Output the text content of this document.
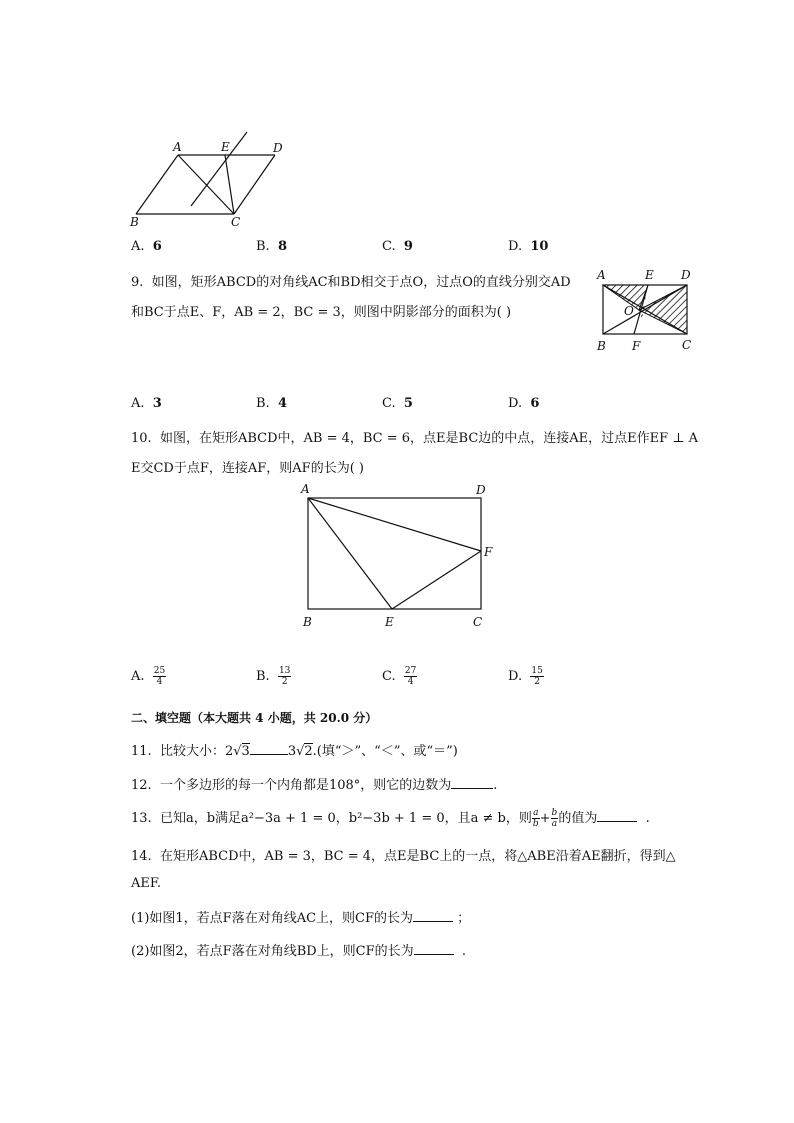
A	E	D
B	C
A. 6	B. 8	C. 9	D. 10
9. 如图，矩形ABCD的对角线AC和BD相交于点O，过点O的直线分别交AD
和BC于点E、F，AB = 2，BC = 3，则图中阴影部分的面积为( )
A	E D
O
B F	C
A. 3	B. 4	C. 5	D. 6
10. 如图，在矩形ABCD中，AB = 4，BC = 6，点E是BC边的中点，连接AE，过点E作EF ⊥ A
E交CD于点F，连接AF，则AF的长为( )
A	D
F
B	E	C
A. $\frac{25}{4}$	B. $\frac{13}{2}$	C. $\frac{27}{4}$	D. $\frac{15}{2}$
二、填空题（本大题共 4 小题，共 20.0 分）
11. 比较大小：2√3	3√2.(填“＞”、“＜”、或“＝”)
12. 一个多边形的每一个内角都是108°，则它的边数为	.
13. 已知a，b满足a²−3a + 1 = 0，b²−3b + 1 = 0，且a ≠ b，则 $\frac{a}{b} + \frac{b}{a}$ 的值为	.
14. 在矩形ABCD中，AB = 3，BC = 4，点E是BC上的一点，将△ABE沿着AE翻折，得到△
AEF.
(1)如图1，若点F落在对角线AC上，则CF的长为	；
(2)如图2，若点F落在对角线BD上，则CF的长为	.
